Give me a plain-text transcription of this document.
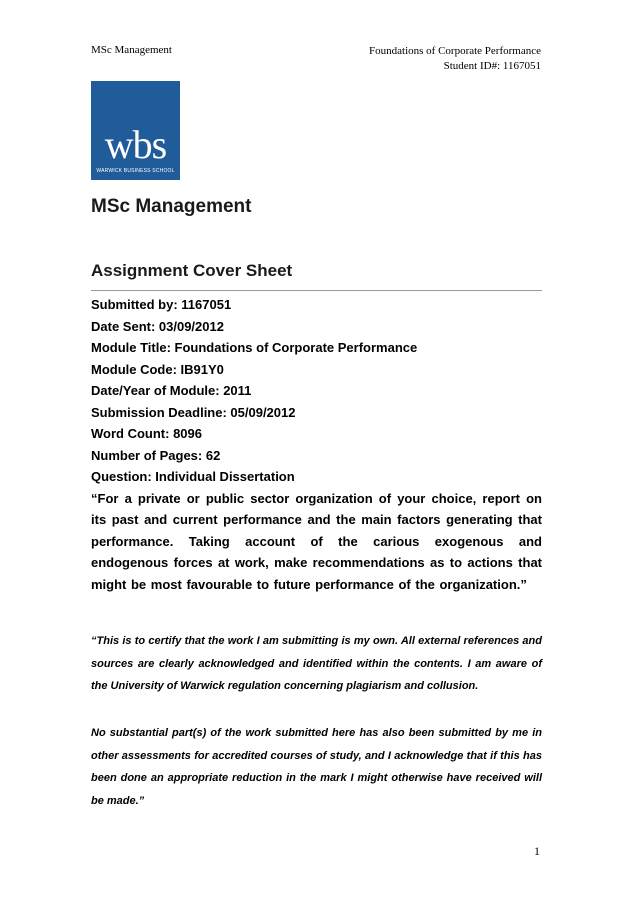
MSc Management	Foundations of Corporate Performance
Student ID#: 1167051
wbs
WARWICK BUSINESS SCHOOL
MSc Management
Assignment Cover Sheet
Submitted by: 1167051
Date Sent: 03/09/2012
Module Title: Foundations of Corporate Performance
Module Code: IB91Y0
Date/Year of Module: 2011
Submission Deadline: 05/09/2012
Word Count: 8096
Number of Pages: 62
Question: Individual Dissertation
“For a private or public sector organization of your choice, report on its past and current performance and the main factors generating that performance. Taking account of the carious exogenous and endogenous forces at work, make recommendations as to actions that might be most favourable to future performance of the organization.”
“This is to certify that the work I am submitting is my own. All external references and sources are clearly acknowledged and identified within the contents. I am aware of the University of Warwick regulation concerning plagiarism and collusion.
No substantial part(s) of the work submitted here has also been submitted by me in other assessments for accredited courses of study, and I acknowledge that if this has been done an appropriate reduction in the mark I might otherwise have received will be made.”
1
